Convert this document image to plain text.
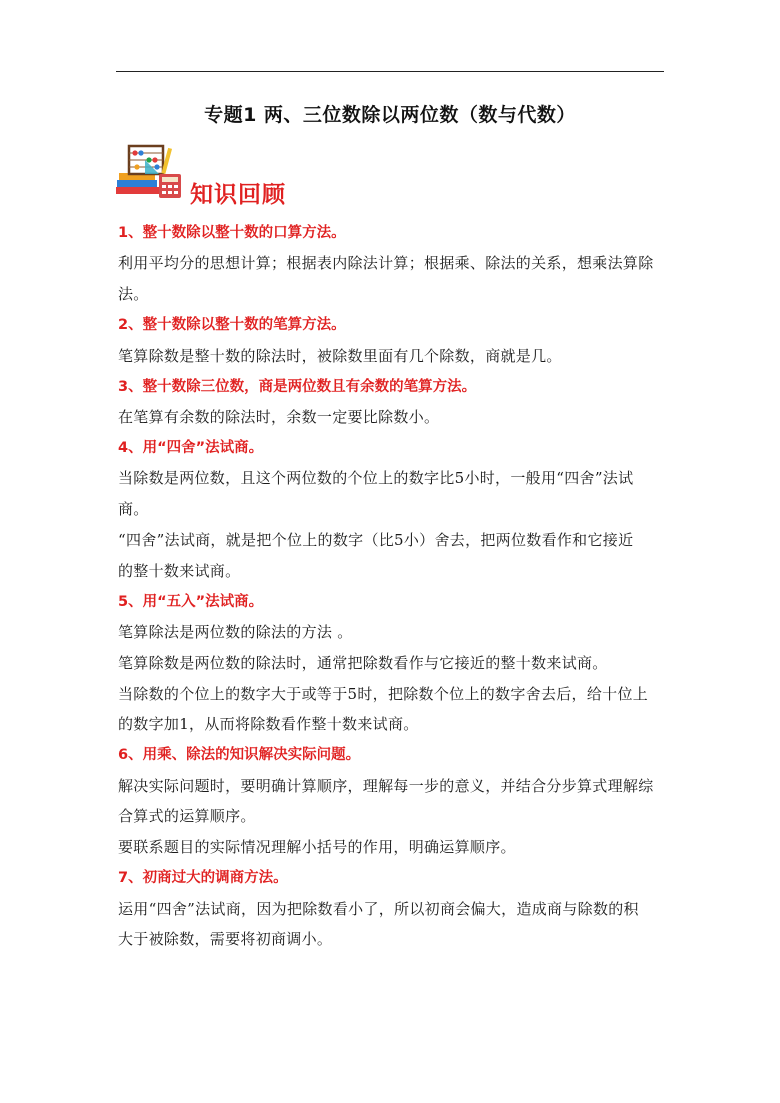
专题1 两、三位数除以两位数（数与代数）
知识回顾
1、整十数除以整十数的口算方法。
利用平均分的思想计算；根据表内除法计算；根据乘、除法的关系，想乘法算除
法。
2、整十数除以整十数的笔算方法。
笔算除数是整十数的除法时，被除数里面有几个除数，商就是几。
3、整十数除三位数，商是两位数且有余数的笔算方法。
在笔算有余数的除法时，余数一定要比除数小。
4、用“四舍”法试商。
当除数是两位数，且这个两位数的个位上的数字比5小时，一般用“四舍”法试
商。
“四舍”法试商，就是把个位上的数字（比5小）舍去，把两位数看作和它接近
的整十数来试商。
5、用“五入”法试商。
笔算除法是两位数的除法的方法 。
笔算除数是两位数的除法时，通常把除数看作与它接近的整十数来试商。
当除数的个位上的数字大于或等于5时，把除数个位上的数字舍去后，给十位上
的数字加1，从而将除数看作整十数来试商。
6、用乘、除法的知识解决实际问题。
解决实际问题时，要明确计算顺序，理解每一步的意义，并结合分步算式理解综
合算式的运算顺序。
要联系题目的实际情况理解小括号的作用，明确运算顺序。
7、初商过大的调商方法。
运用“四舍”法试商，因为把除数看小了，所以初商会偏大，造成商与除数的积
大于被除数，需要将初商调小。
